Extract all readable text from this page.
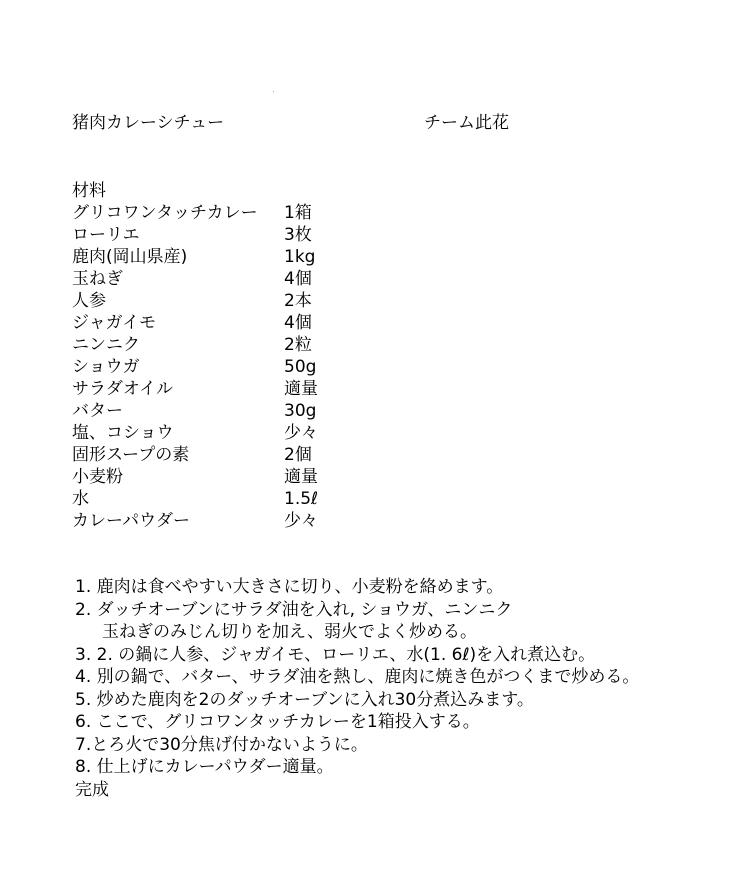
猪肉カレーシチュー	チーム此花
材料
グリコワンタッチカレー	1箱
ローリエ	3枚
鹿肉(岡山県産)	1kg
玉ねぎ	4個
人参	2本
ジャガイモ	4個
ニンニク	2粒
ショウガ	50g
サラダオイル	適量
バター	30g
塩、コショウ	少々
固形スープの素	2個
小麦粉	適量
水	1.5ℓ
カレーパウダー	少々
1. 鹿肉は食べやすい大きさに切り、小麦粉を絡めます。
2. ダッチオーブンにサラダ油を入れ, ショウガ、ニンニク
玉ねぎのみじん切りを加え、弱火でよく炒める。
3. 2. の鍋に人参、ジャガイモ、ローリエ、水(1. 6ℓ)を入れ煮込む。
4. 別の鍋で、バター、サラダ油を熱し、鹿肉に焼き色がつくまで炒める。
5. 炒めた鹿肉を2のダッチオーブンに入れ30分煮込みます。
6. ここで、グリコワンタッチカレーを1箱投入する。
7.とろ火で30分焦げ付かないように。
8. 仕上げにカレーパウダー適量。
完成
